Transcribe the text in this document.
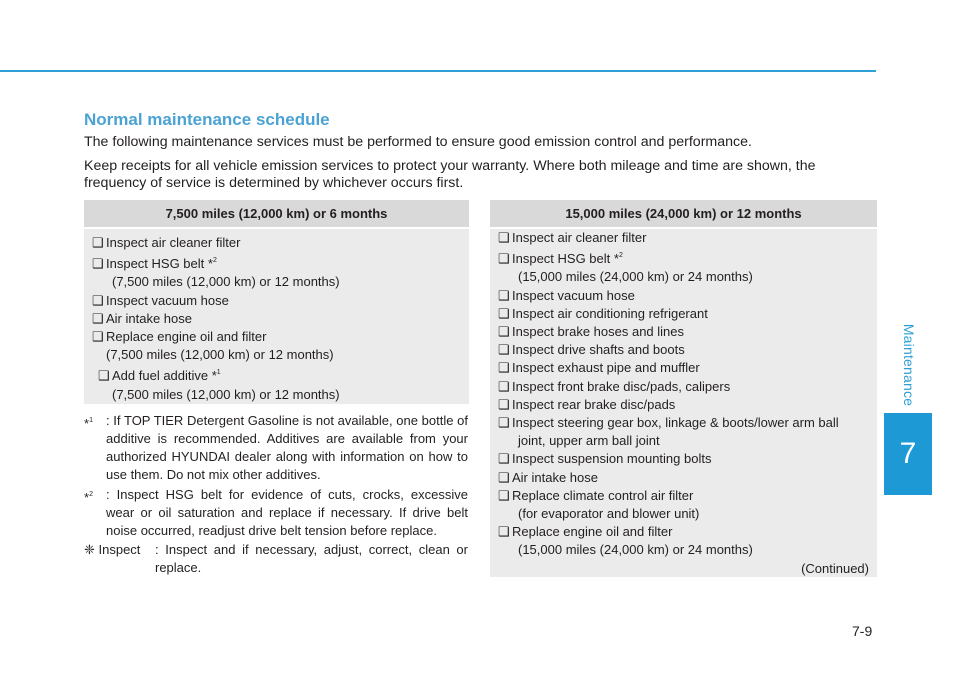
Normal maintenance schedule

The following maintenance services must be performed to ensure good emission control and performance.

Keep receipts for all vehicle emission services to protect your warranty. Where both mileage and time are shown, the frequency of service is determined by whichever occurs first.

7,500 miles (12,000 km) or 6 months
❑ Inspect air cleaner filter
❑ Inspect HSG belt *$^2$
(7,500 miles (12,000 km) or 12 months)
❑ Inspect vacuum hose
❑ Air intake hose
❑ Replace engine oil and filter
(7,500 miles (12,000 km) or 12 months)
❑ Add fuel additive *$^1$
(7,500 miles (12,000 km) or 12 months)
*$^1$	: If TOP TIER Detergent Gasoline is not available, one bottle of additive is recommended. Additives are available from your authorized HYUNDAI dealer along with information on how to use them. Do not mix other additives.
*$^2$	: Inspect HSG belt for evidence of cuts, crocks, excessive wear or oil saturation and replace if necessary. If drive belt noise occurred, readjust drive belt tension before replace.
❈ Inspect	: Inspect and if necessary, adjust, correct, clean or replace.
15,000 miles (24,000 km) or 12 months
❑ Inspect air cleaner filter
❑ Inspect HSG belt *$^2$
(15,000 miles (24,000 km) or 24 months)
❑ Inspect vacuum hose
❑ Inspect air conditioning refrigerant
❑ Inspect brake hoses and lines
❑ Inspect drive shafts and boots
❑ Inspect exhaust pipe and muffler
❑ Inspect front brake disc/pads, calipers
❑ Inspect rear brake disc/pads
❑ Inspect steering gear box, linkage & boots/lower arm ball
joint, upper arm ball joint
❑ Inspect suspension mounting bolts
❑ Air intake hose
❑ Replace climate control air filter
(for evaporator and blower unit)
❑ Replace engine oil and filter
(15,000 miles (24,000 km) or 24 months)
(Continued)
Maintenance
7
7-9
